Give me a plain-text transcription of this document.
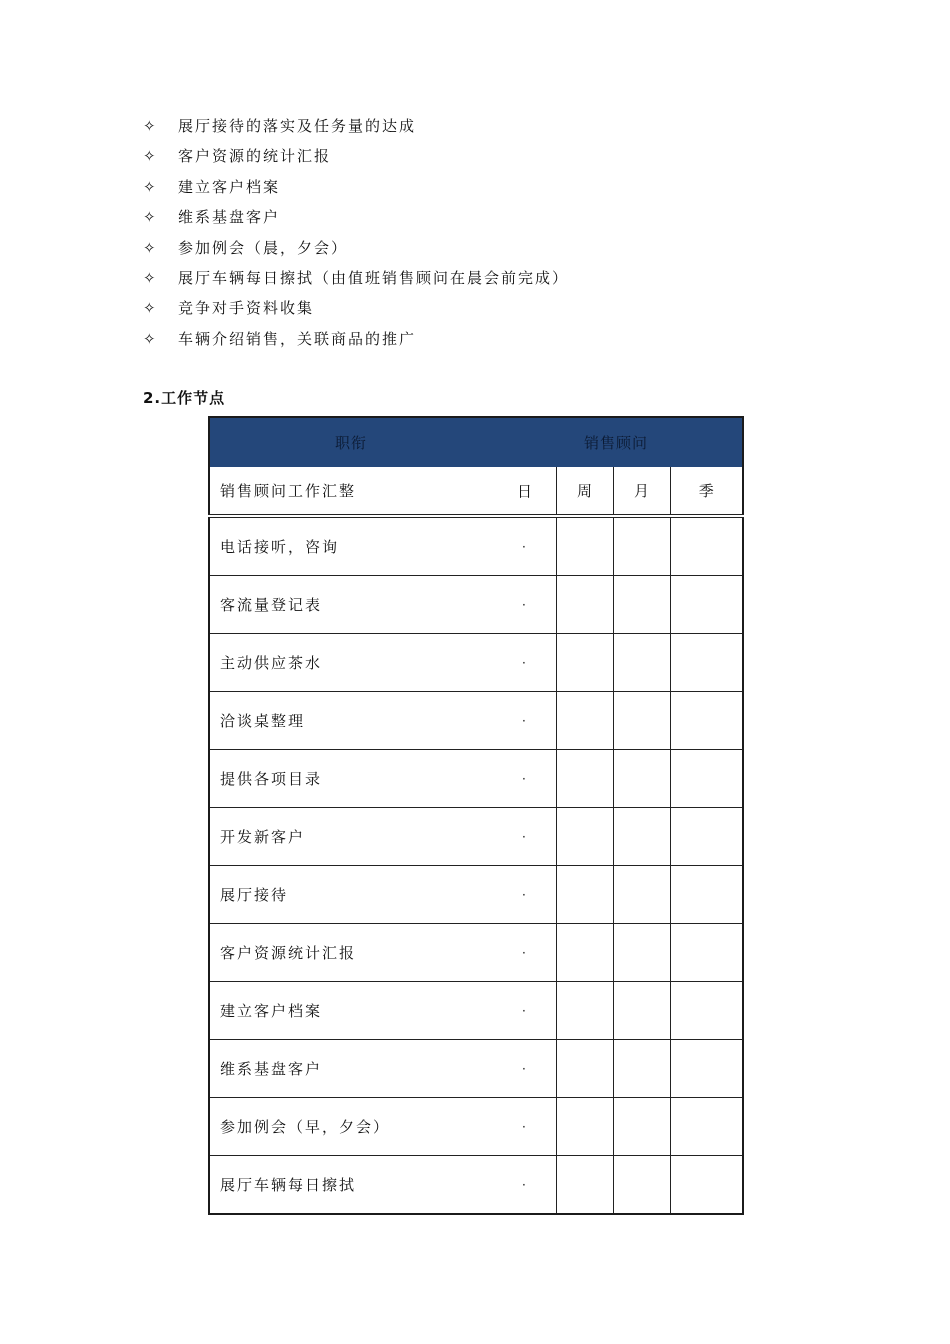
✧	展厅接待的落实及任务量的达成
✧	客户资源的统计汇报
✧	建立客户档案
✧	维系基盘客户
✧	参加例会（晨，夕会）
✧	展厅车辆每日擦拭（由值班销售顾问在晨会前完成）
✧	竞争对手资料收集
✧	车辆介绍销售，关联商品的推广
2.工作节点
职衔	销售顾问		
销售顾问工作汇整 日	周	月	季
电话接听，咨询 ·			

客流量登记表 ·			

主动供应茶水 ·			

洽谈桌整理 ·			

提供各项目录 ·			

开发新客户 ·			

展厅接待 ·			

客户资源统计汇报 ·			

建立客户档案 ·			

维系基盘客户 ·			

参加例会（早，夕会） ·			

展厅车辆每日擦拭 ·			
